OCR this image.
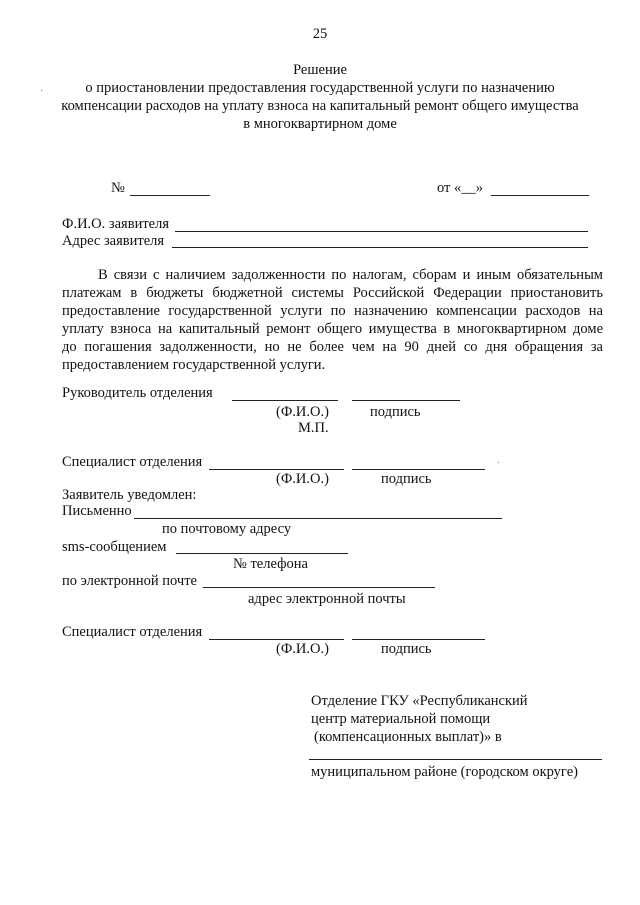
25
Решение
о приостановлении предоставления государственной услуги по назначению
компенсации расходов на уплату взноса на капитальный ремонт общего имущества
в многоквартирном доме
·
№	от «__»
Ф.И.О. заявителя
Адрес заявителя
В связи с наличием задолженности по налогам, сборам и иным обязательным
платежам в бюджеты бюджетной системы Российской Федерации приостановить
предоставление государственной услуги по назначению компенсации расходов на
уплату взноса на капитальный ремонт общего имущества в многоквартирном доме
до погашения задолженности, но не более чем на 90 дней со дня обращения за
предоставлением государственной услуги.
Руководитель отделения
(Ф.И.О.)	подпись
М.П.
Специалист отделения	·
(Ф.И.О.)	подпись
Заявитель уведомлен:
Письменно
по почтовому адресу
sms-сообщением
№ телефона
по электронной почте
адрес электронной почты
Специалист отделения
(Ф.И.О.)	подпись
Отделение ГКУ «Республиканский
центр материальной помощи
(компенсационных выплат)» в
муниципальном районе (городском округе)
